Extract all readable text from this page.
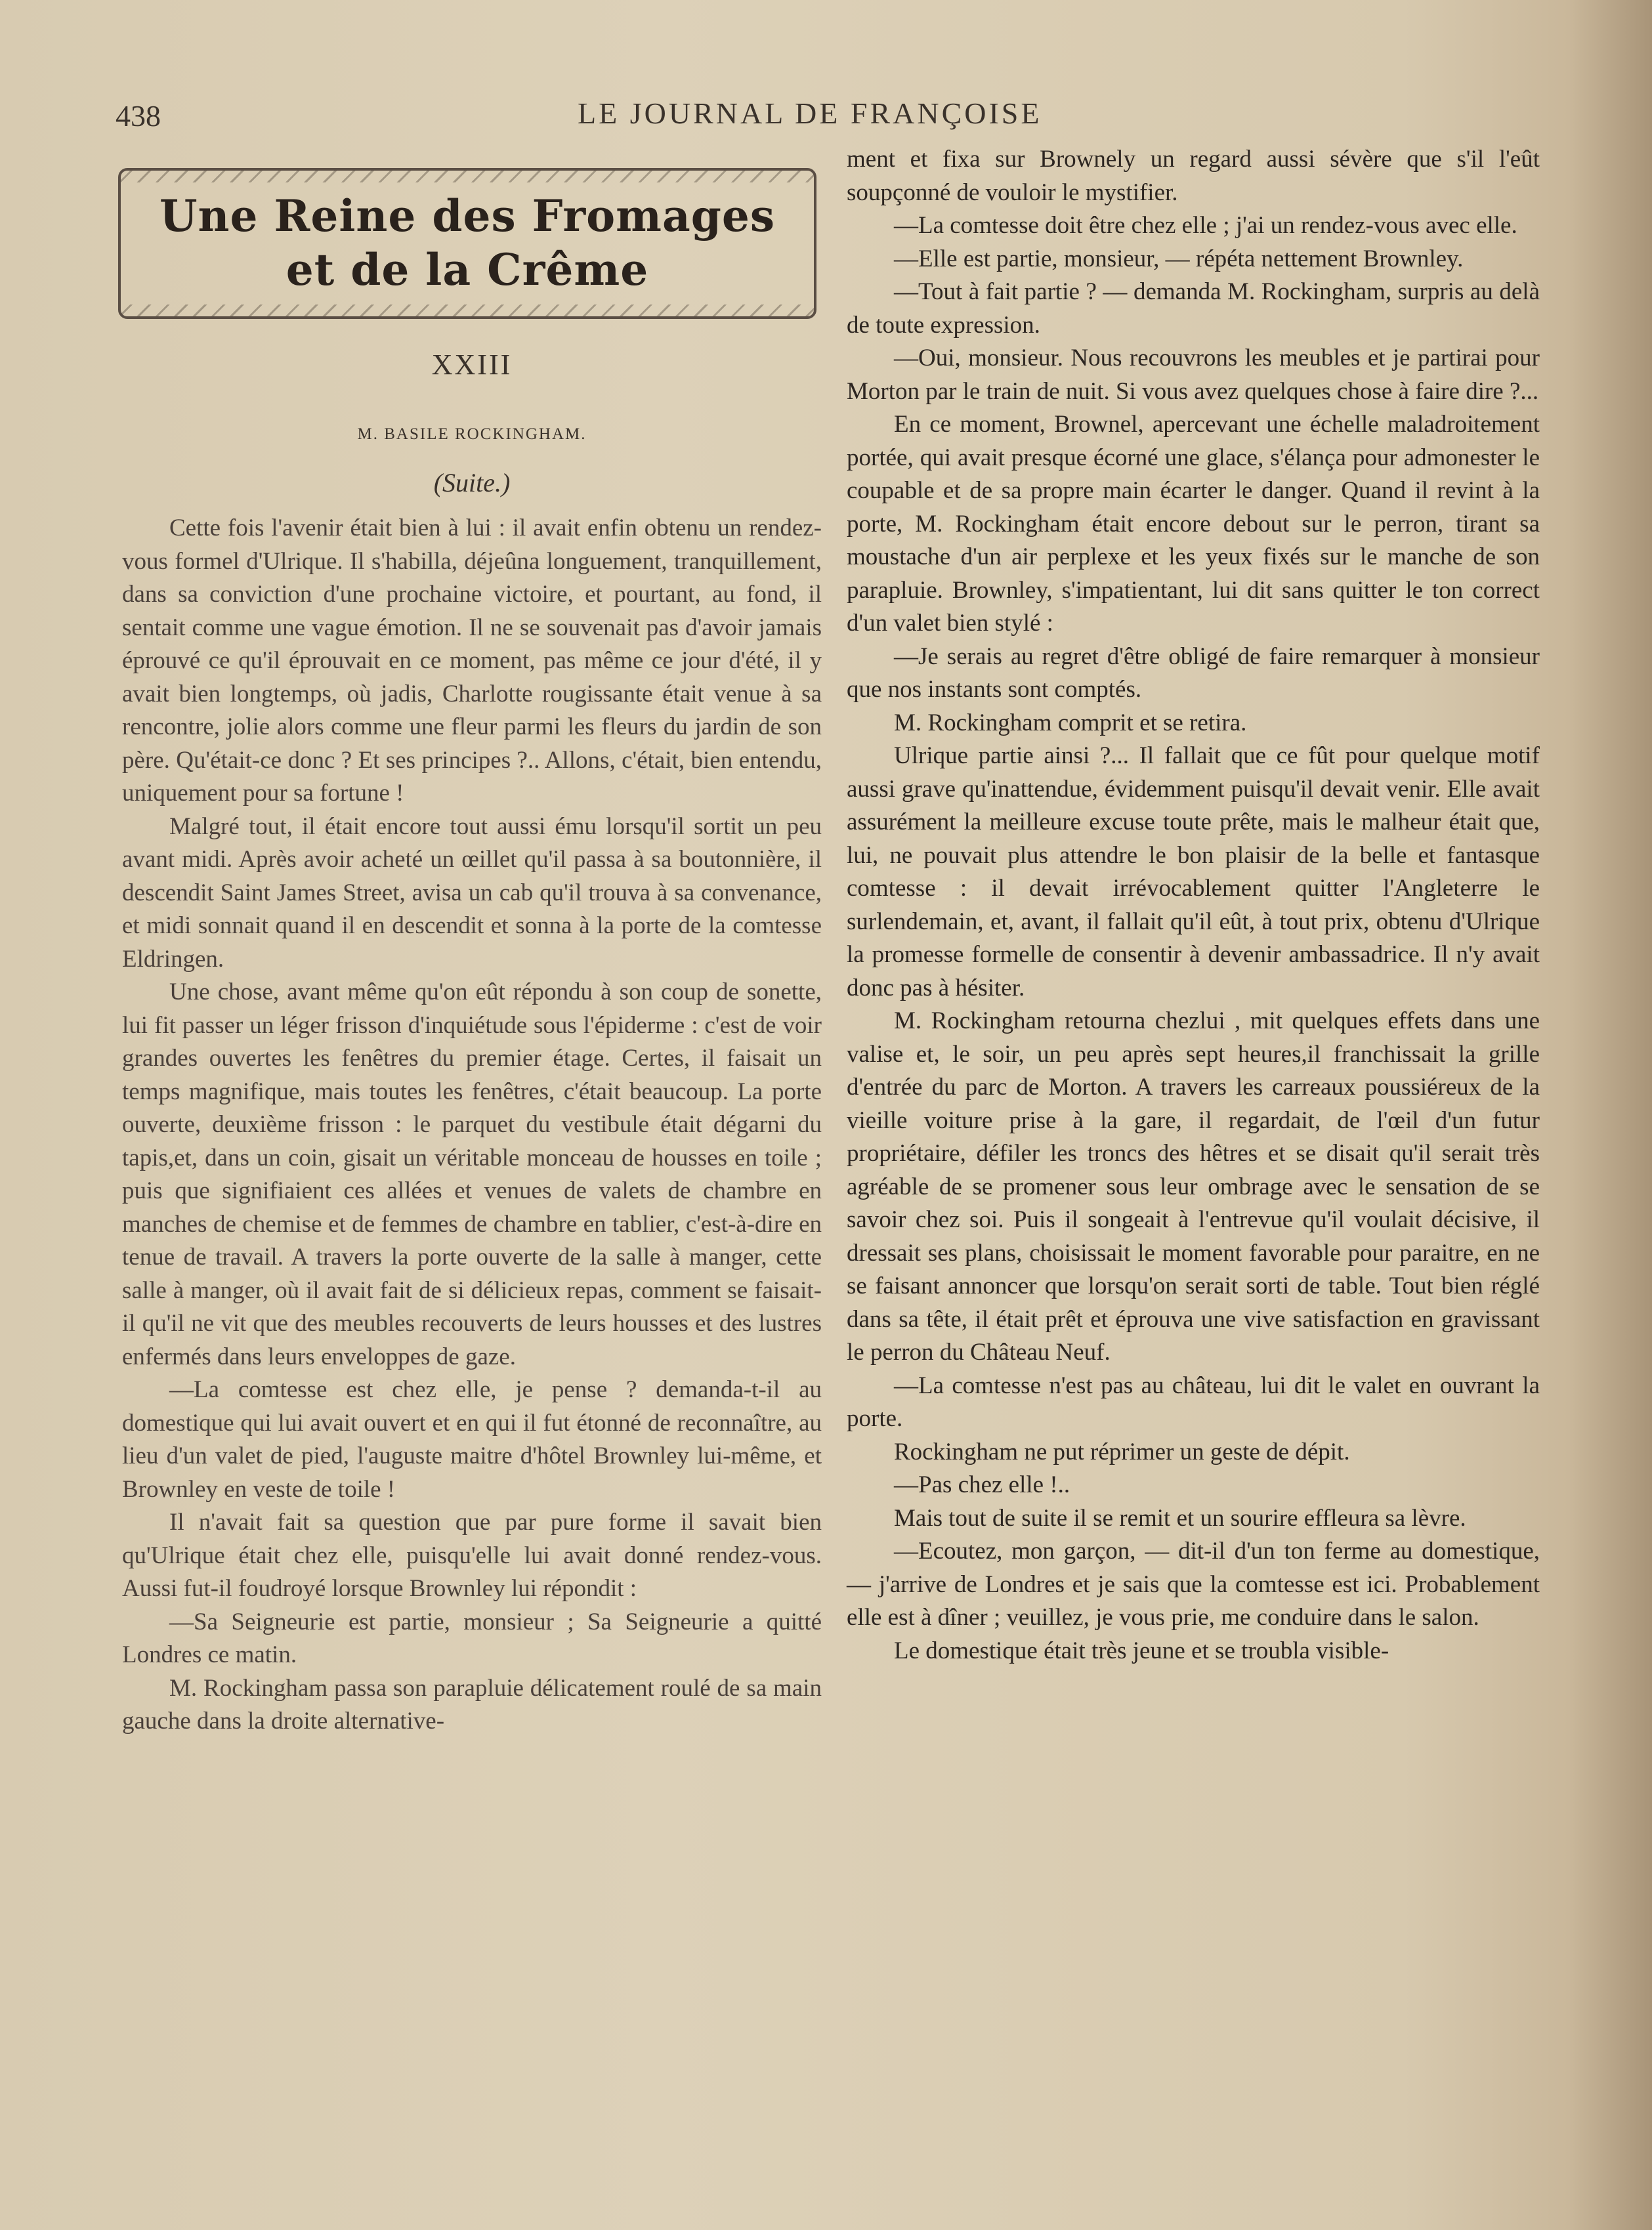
438	LE JOURNAL DE FRANÇOISE
Une Reine des Fromages
et de la Crême
XXIII
M. BASILE ROCKINGHAM.
(Suite.)

Cette fois l'avenir était bien à lui : il avait enfin obtenu un rendez-vous formel d'Ulrique. Il s'habilla, déjeûna longuement, tranquillement, dans sa conviction d'une prochaine victoire, et pourtant, au fond, il sentait comme une vague émotion. Il ne se souvenait pas d'avoir jamais éprouvé ce qu'il éprouvait en ce moment, pas même ce jour d'été, il y avait bien longtemps, où jadis, Charlotte rougissante était venue à sa rencontre, jolie alors comme une fleur parmi les fleurs du jardin de son père. Qu'était-ce donc ? Et ses principes ?.. Allons, c'était, bien entendu, uniquement pour sa fortune !

Malgré tout, il était encore tout aussi ému lorsqu'il sortit un peu avant midi. Après avoir acheté un œillet qu'il passa à sa boutonnière, il descendit Saint James Street, avisa un cab qu'il trouva à sa convenance, et midi sonnait quand il en descendit et sonna à la porte de la comtesse Eldringen.

Une chose, avant même qu'on eût répondu à son coup de sonette, lui fit passer un léger frisson d'inquiétude sous l'épiderme : c'est de voir grandes ouvertes les fenêtres du premier étage. Certes, il faisait un temps magnifique, mais toutes les fenêtres, c'était beaucoup. La porte ouverte, deuxième frisson : le parquet du vestibule était dégarni du tapis,et, dans un coin, gisait un véritable monceau de housses en toile ; puis que signifiaient ces allées et venues de valets de chambre en manches de chemise et de femmes de chambre en tablier, c'est-à-dire en tenue de travail. A travers la porte ouverte de la salle à manger, cette salle à manger, où il avait fait de si délicieux repas, comment se faisait-il qu'il ne vit que des meubles recouverts de leurs housses et des lustres enfermés dans leurs enveloppes de gaze.

—La comtesse est chez elle, je pense ? demanda-t-il au domestique qui lui avait ouvert et en qui il fut étonné de reconnaître, au lieu d'un valet de pied, l'auguste maitre d'hôtel Brownley lui-même, et Brownley en veste de toile !

Il n'avait fait sa question que par pure forme il savait bien qu'Ulrique était chez elle, puisqu'elle lui avait donné rendez-vous. Aussi fut-il foudroyé lorsque Brownley lui répondit :

—Sa Seigneurie est partie, monsieur ; Sa Seigneurie a quitté Londres ce matin.

M. Rockingham passa son parapluie délicatement roulé de sa main gauche dans la droite alternative-

ment et fixa sur Brownely un regard aussi sévère que s'il l'eût soupçonné de vouloir le mystifier.

—La comtesse doit être chez elle ; j'ai un rendez-vous avec elle.

—Elle est partie, monsieur, — répéta nettement Brownley.

—Tout à fait partie ? — demanda M. Rockingham, surpris au delà de toute expression.

—Oui, monsieur. Nous recouvrons les meubles et je partirai pour Morton par le train de nuit. Si vous avez quelques chose à faire dire ?...

En ce moment, Brownel, apercevant une échelle maladroitement portée, qui avait presque écorné une glace, s'élança pour admonester le coupable et de sa propre main écarter le danger. Quand il revint à la porte, M. Rockingham était encore debout sur le perron, tirant sa moustache d'un air perplexe et les yeux fixés sur le manche de son parapluie. Brownley, s'impatientant, lui dit sans quitter le ton correct d'un valet bien stylé :

—Je serais au regret d'être obligé de faire remarquer à monsieur que nos instants sont comptés.

M. Rockingham comprit et se retira.

Ulrique partie ainsi ?... Il fallait que ce fût pour quelque motif aussi grave qu'inattendue, évidemment puisqu'il devait venir. Elle avait assurément la meilleure excuse toute prête, mais le malheur était que, lui, ne pouvait plus attendre le bon plaisir de la belle et fantasque comtesse : il devait irrévocablement quitter l'Angleterre le surlendemain, et, avant, il fallait qu'il eût, à tout prix, obtenu d'Ulrique la promesse formelle de consentir à devenir ambassadrice. Il n'y avait donc pas à hésiter.

M. Rockingham retourna chezlui , mit quelques effets dans une valise et, le soir, un peu après sept heures,il franchissait la grille d'entrée du parc de Morton. A travers les carreaux poussiéreux de la vieille voiture prise à la gare, il regardait, de l'œil d'un futur propriétaire, défiler les troncs des hêtres et se disait qu'il serait très agréable de se promener sous leur ombrage avec le sensation de se savoir chez soi. Puis il songeait à l'entrevue qu'il voulait décisive, il dressait ses plans, choisissait le moment favorable pour paraitre, en ne se faisant annoncer que lorsqu'on serait sorti de table. Tout bien réglé dans sa tête, il était prêt et éprouva une vive satisfaction en gravissant le perron du Château Neuf.

—La comtesse n'est pas au château, lui dit le valet en ouvrant la porte.

Rockingham ne put réprimer un geste de dépit.

—Pas chez elle !..

Mais tout de suite il se remit et un sourire effleura sa lèvre.

—Ecoutez, mon garçon, — dit-il d'un ton ferme au domestique, — j'arrive de Londres et je sais que la comtesse est ici. Probablement elle est à dîner ; veuillez, je vous prie, me conduire dans le salon.

Le domestique était très jeune et se troubla visible-
